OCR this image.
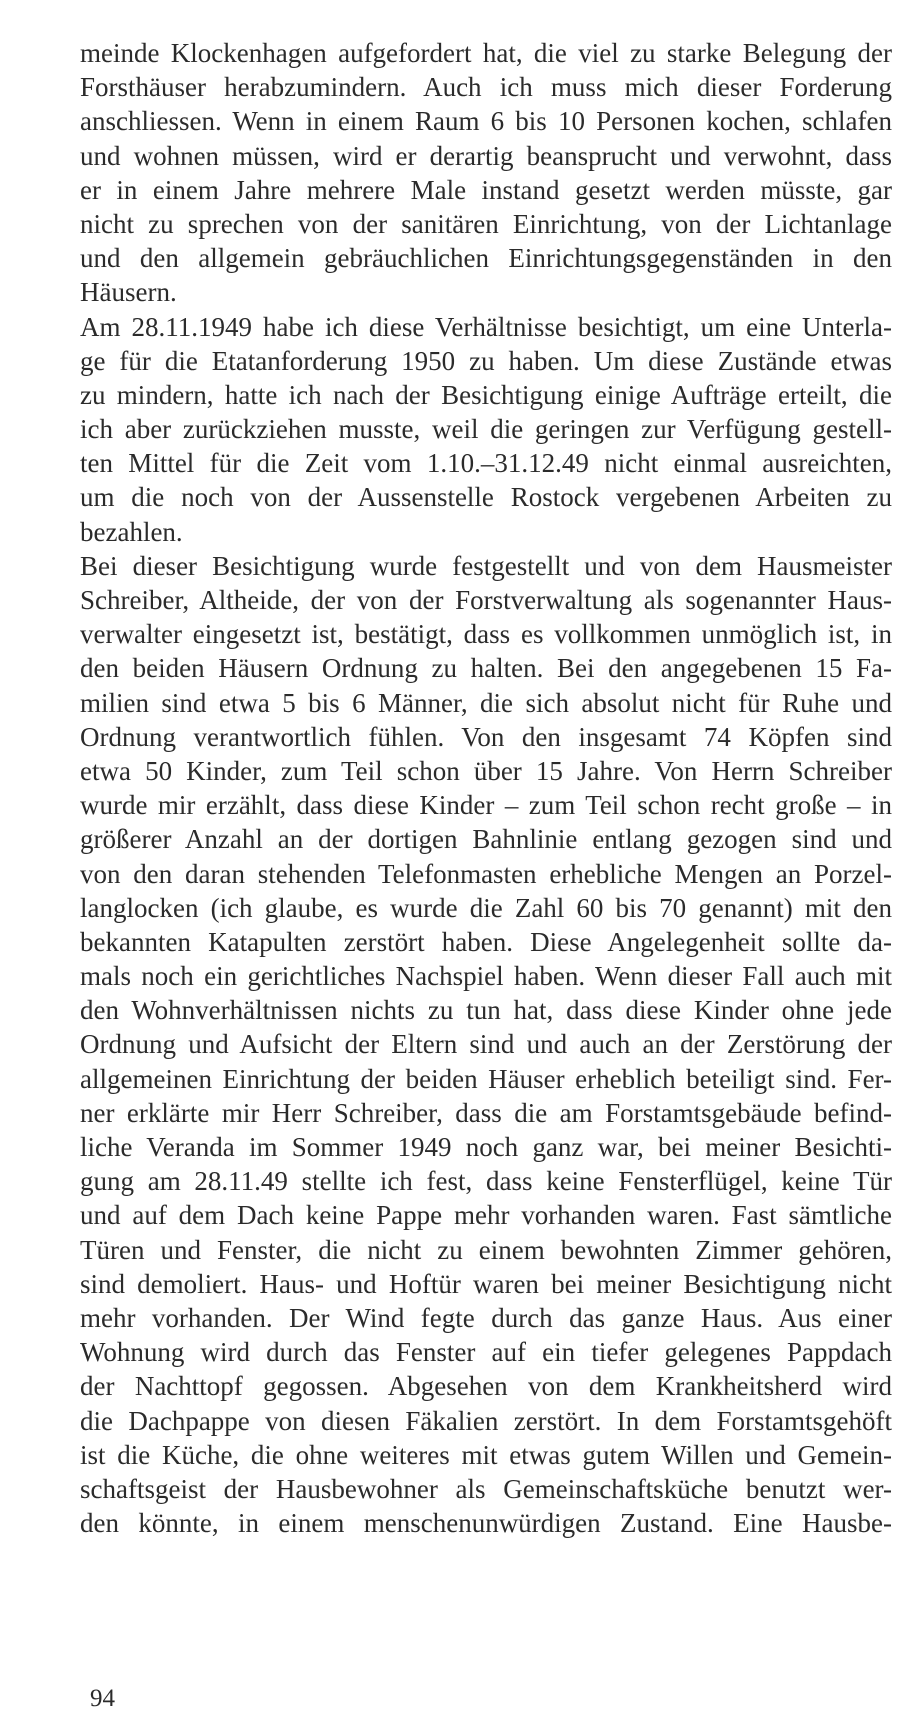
meinde Klockenhagen aufgefordert hat, die viel zu starke Belegung der
Forsthäuser herabzumindern. Auch ich muss mich dieser Forderung
anschliessen. Wenn in einem Raum 6 bis 10 Personen kochen, schlafen
und wohnen müssen, wird er derartig beansprucht und verwohnt, dass
er in einem Jahre mehrere Male instand gesetzt werden müsste, gar
nicht zu sprechen von der sanitären Einrichtung, von der Lichtanlage
und den allgemein gebräuchlichen Einrichtungsgegenständen in den
Häusern.
Am 28.11.1949 habe ich diese Verhältnisse besichtigt, um eine Unterla-
ge für die Etatanforderung 1950 zu haben. Um diese Zustände etwas
zu mindern, hatte ich nach der Besichtigung einige Aufträge erteilt, die
ich aber zurückziehen musste, weil die geringen zur Verfügung gestell-
ten Mittel für die Zeit vom 1.10.–31.12.49 nicht einmal ausreichten,
um die noch von der Aussenstelle Rostock vergebenen Arbeiten zu
bezahlen.
Bei dieser Besichtigung wurde festgestellt und von dem Hausmeister
Schreiber, Altheide, der von der Forstverwaltung als sogenannter Haus-
verwalter eingesetzt ist, bestätigt, dass es vollkommen unmöglich ist, in
den beiden Häusern Ordnung zu halten. Bei den angegebenen 15 Fa-
milien sind etwa 5 bis 6 Männer, die sich absolut nicht für Ruhe und
Ordnung verantwortlich fühlen. Von den insgesamt 74 Köpfen sind
etwa 50 Kinder, zum Teil schon über 15 Jahre. Von Herrn Schreiber
wurde mir erzählt, dass diese Kinder – zum Teil schon recht große – in
größerer Anzahl an der dortigen Bahnlinie entlang gezogen sind und
von den daran stehenden Telefonmasten erhebliche Mengen an Porzel-
langlocken (ich glaube, es wurde die Zahl 60 bis 70 genannt) mit den
bekannten Katapulten zerstört haben. Diese Angelegenheit sollte da-
mals noch ein gerichtliches Nachspiel haben. Wenn dieser Fall auch mit
den Wohnverhältnissen nichts zu tun hat, dass diese Kinder ohne jede
Ordnung und Aufsicht der Eltern sind und auch an der Zerstörung der
allgemeinen Einrichtung der beiden Häuser erheblich beteiligt sind. Fer-
ner erklärte mir Herr Schreiber, dass die am Forstamtsgebäude befind-
liche Veranda im Sommer 1949 noch ganz war, bei meiner Besichti-
gung am 28.11.49 stellte ich fest, dass keine Fensterflügel, keine Tür
und auf dem Dach keine Pappe mehr vorhanden waren. Fast sämtliche
Türen und Fenster, die nicht zu einem bewohnten Zimmer gehören,
sind demoliert. Haus- und Hoftür waren bei meiner Besichtigung nicht
mehr vorhanden. Der Wind fegte durch das ganze Haus. Aus einer
Wohnung wird durch das Fenster auf ein tiefer gelegenes Pappdach
der Nachttopf gegossen. Abgesehen von dem Krankheitsherd wird
die Dachpappe von diesen Fäkalien zerstört. In dem Forstamtsgehöft
ist die Küche, die ohne weiteres mit etwas gutem Willen und Gemein-
schaftsgeist der Hausbewohner als Gemeinschaftsküche benutzt wer-
den könnte, in einem menschenunwürdigen Zustand. Eine Hausbe-
94
